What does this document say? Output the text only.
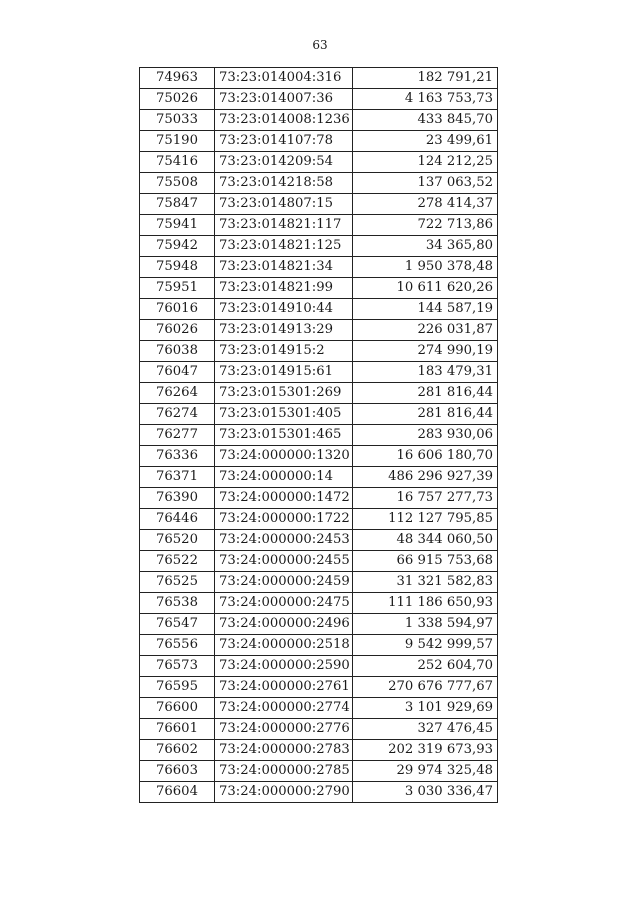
63
74963	73:23:014004:316	182 791,21
75026	73:23:014007:36	4 163 753,73
75033	73:23:014008:1236	433 845,70
75190	73:23:014107:78	23 499,61
75416	73:23:014209:54	124 212,25
75508	73:23:014218:58	137 063,52
75847	73:23:014807:15	278 414,37
75941	73:23:014821:117	722 713,86
75942	73:23:014821:125	34 365,80
75948	73:23:014821:34	1 950 378,48
75951	73:23:014821:99	10 611 620,26
76016	73:23:014910:44	144 587,19
76026	73:23:014913:29	226 031,87
76038	73:23:014915:2	274 990,19
76047	73:23:014915:61	183 479,31
76264	73:23:015301:269	281 816,44
76274	73:23:015301:405	281 816,44
76277	73:23:015301:465	283 930,06
76336	73:24:000000:1320	16 606 180,70
76371	73:24:000000:14	486 296 927,39
76390	73:24:000000:1472	16 757 277,73
76446	73:24:000000:1722	112 127 795,85
76520	73:24:000000:2453	48 344 060,50
76522	73:24:000000:2455	66 915 753,68
76525	73:24:000000:2459	31 321 582,83
76538	73:24:000000:2475	111 186 650,93
76547	73:24:000000:2496	1 338 594,97
76556	73:24:000000:2518	9 542 999,57
76573	73:24:000000:2590	252 604,70
76595	73:24:000000:2761	270 676 777,67
76600	73:24:000000:2774	3 101 929,69
76601	73:24:000000:2776	327 476,45
76602	73:24:000000:2783	202 319 673,93
76603	73:24:000000:2785	29 974 325,48
76604	73:24:000000:2790	3 030 336,47
